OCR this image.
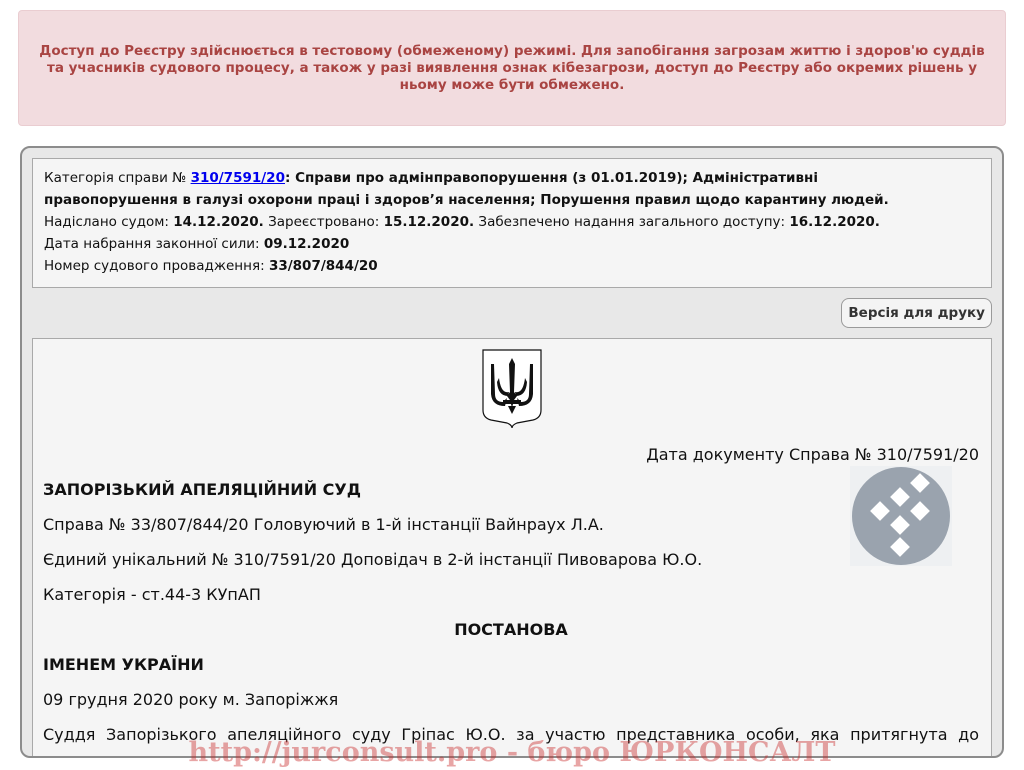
Доступ до Реєстру здійснюється в тестовому (обмеженому) режимі. Для запобігання загрозам життю і здоров'ю суддів та учасників судового процесу, а також у разі виявлення ознак кібезагрози, доступ до Реєстру або окремих рішень у ньому може бути обмежено.
Категорія справи № 310/7591/20: Справи про адмінправопорушення (з 01.01.2019); Адміністративні
правопорушення в галузі охорони праці і здоров’я населення; Порушення правил щодо карантину людей.
Надіслано судом: 14.12.2020. Зареєстровано: 15.12.2020. Забезпечено надання загального доступу: 16.12.2020.
Дата набрання законної сили: 09.12.2020
Номер судового провадження: 33/807/844/20
Версія для друку

Дата документу Справа № 310/7591/20

ЗАПОРІЗЬКИЙ АПЕЛЯЦІЙНИЙ СУД

Справа № 33/807/844/20 Головуючий в 1-й інстанції Вайнраух Л.А.

Єдиний унікальний № 310/7591/20 Доповідач в 2-й інстанції Пивоварова Ю.О.

Категорія - ст.44-3 КУпАП

ПОСТАНОВА

ІМЕНЕМ УКРАЇНИ

09 грудня 2020 року м. Запоріжжя

Суддя Запорізького апеляційного суду Гріпас Ю.О. за участю представника особи, яка притягнута до

http://jurconsult.pro - бюро ЮРКОНСАЛТ
